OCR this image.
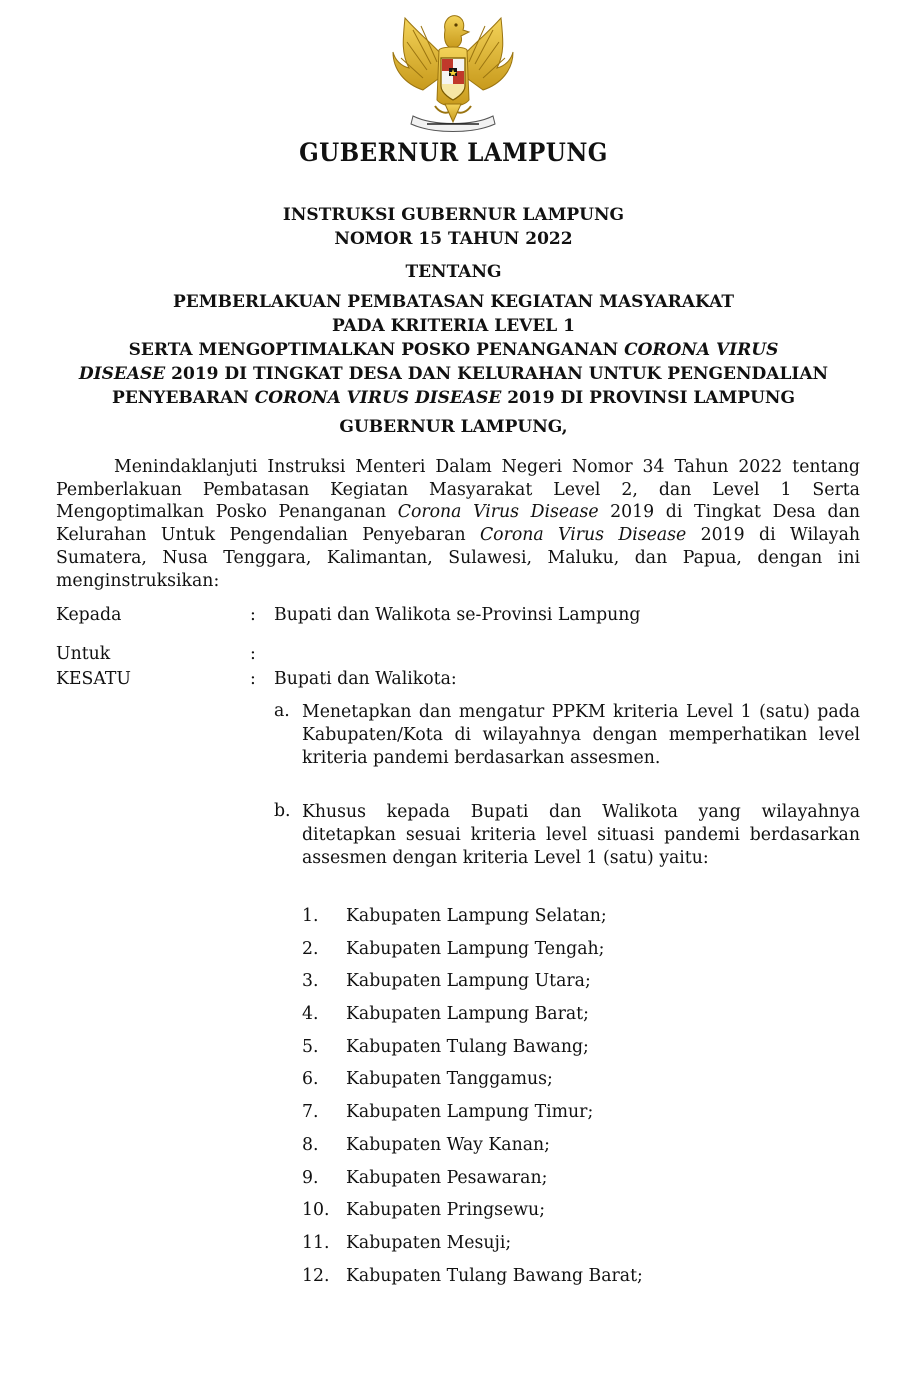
GUBERNUR LAMPUNG
INSTRUKSI GUBERNUR LAMPUNG
NOMOR 15 TAHUN 2022
TENTANG
PEMBERLAKUAN PEMBATASAN KEGIATAN MASYARAKAT
PADA KRITERIA LEVEL 1
SERTA MENGOPTIMALKAN POSKO PENANGANAN CORONA VIRUS
DISEASE 2019 DI TINGKAT DESA DAN KELURAHAN UNTUK PENGENDALIAN
PENYEBARAN CORONA VIRUS DISEASE 2019 DI PROVINSI LAMPUNG
GUBERNUR LAMPUNG,
Menindaklanjuti Instruksi Menteri Dalam Negeri Nomor 34 Tahun 2022 tentang Pemberlakuan Pembatasan Kegiatan Masyarakat Level 2, dan Level 1 Serta Mengoptimalkan Posko Penanganan Corona Virus Disease 2019 di Tingkat Desa dan Kelurahan Untuk Pengendalian Penyebaran Corona Virus Disease 2019 di Wilayah Sumatera, Nusa Tenggara, Kalimantan, Sulawesi, Maluku, dan Papua, dengan ini menginstruksikan:
Kepada	: Bupati dan Walikota se-Provinsi Lampung
Untuk	:
KESATU	: Bupati dan Walikota:
a. Menetapkan dan mengatur PPKM kriteria Level 1 (satu) pada Kabupaten/Kota di wilayahnya dengan memperhatikan level kriteria pandemi berdasarkan assesmen.
b. Khusus kepada Bupati dan Walikota yang wilayahnya ditetapkan sesuai kriteria level situasi pandemi berdasarkan assesmen dengan kriteria Level 1 (satu) yaitu:
1. Kabupaten Lampung Selatan;
2. Kabupaten Lampung Tengah;
3. Kabupaten Lampung Utara;
4. Kabupaten Lampung Barat;
5. Kabupaten Tulang Bawang;
6. Kabupaten Tanggamus;
7. Kabupaten Lampung Timur;
8. Kabupaten Way Kanan;
9. Kabupaten Pesawaran;
10. Kabupaten Pringsewu;
11. Kabupaten Mesuji;
12. Kabupaten Tulang Bawang Barat;
